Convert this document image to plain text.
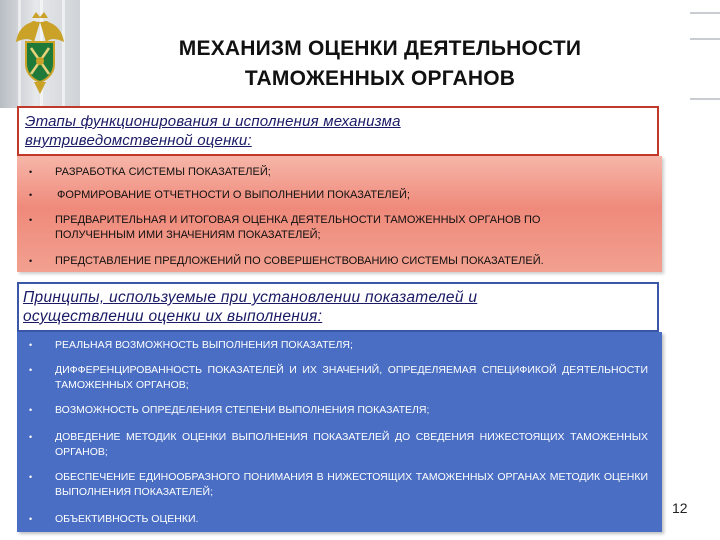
МЕХАНИЗМ ОЦЕНКИ ДЕЯТЕЛЬНОСТИ
ТАМОЖЕННЫХ ОРГАНОВ
Этапы функционирования и исполнения механизма
внутриведомственной оценки:
• РАЗРАБОТКА СИСТЕМЫ ПОКАЗАТЕЛЕЙ;
• ФОРМИРОВАНИЕ ОТЧЕТНОСТИ О ВЫПОЛНЕНИИ ПОКАЗАТЕЛЕЙ;
• ПРЕДВАРИТЕЛЬНАЯ И ИТОГОВАЯ ОЦЕНКА ДЕЯТЕЛЬНОСТИ ТАМОЖЕННЫХ ОРГАНОВ ПО ПОЛУЧЕННЫМ ИМИ ЗНАЧЕНИЯМ ПОКАЗАТЕЛЕЙ;
• ПРЕДСТАВЛЕНИЕ ПРЕДЛОЖЕНИЙ ПО СОВЕРШЕНСТВОВАНИЮ СИСТЕМЫ ПОКАЗАТЕЛЕЙ.
Принципы, используемые при установлении показателей и
осуществлении оценки их выполнения:
• РЕАЛЬНАЯ ВОЗМОЖНОСТЬ ВЫПОЛНЕНИЯ ПОКАЗАТЕЛЯ;
• ДИФФЕРЕНЦИРОВАННОСТЬ ПОКАЗАТЕЛЕЙ И ИХ ЗНАЧЕНИЙ, ОПРЕДЕЛЯЕМАЯ СПЕЦИФИКОЙ ДЕЯТЕЛЬНОСТИ ТАМОЖЕННЫХ ОРГАНОВ;
• ВОЗМОЖНОСТЬ ОПРЕДЕЛЕНИЯ СТЕПЕНИ ВЫПОЛНЕНИЯ ПОКАЗАТЕЛЯ;
• ДОВЕДЕНИЕ МЕТОДИК ОЦЕНКИ ВЫПОЛНЕНИЯ ПОКАЗАТЕЛЕЙ ДО СВЕДЕНИЯ НИЖЕСТОЯЩИХ ТАМОЖЕННЫХ ОРГАНОВ;
• ОБЕСПЕЧЕНИЕ ЕДИНООБРАЗНОГО ПОНИМАНИЯ В НИЖЕСТОЯЩИХ ТАМОЖЕННЫХ ОРГАНАХ МЕТОДИК ОЦЕНКИ ВЫПОЛНЕНИЯ ПОКАЗАТЕЛЕЙ;
• ОБЪЕКТИВНОСТЬ ОЦЕНКИ.
12
